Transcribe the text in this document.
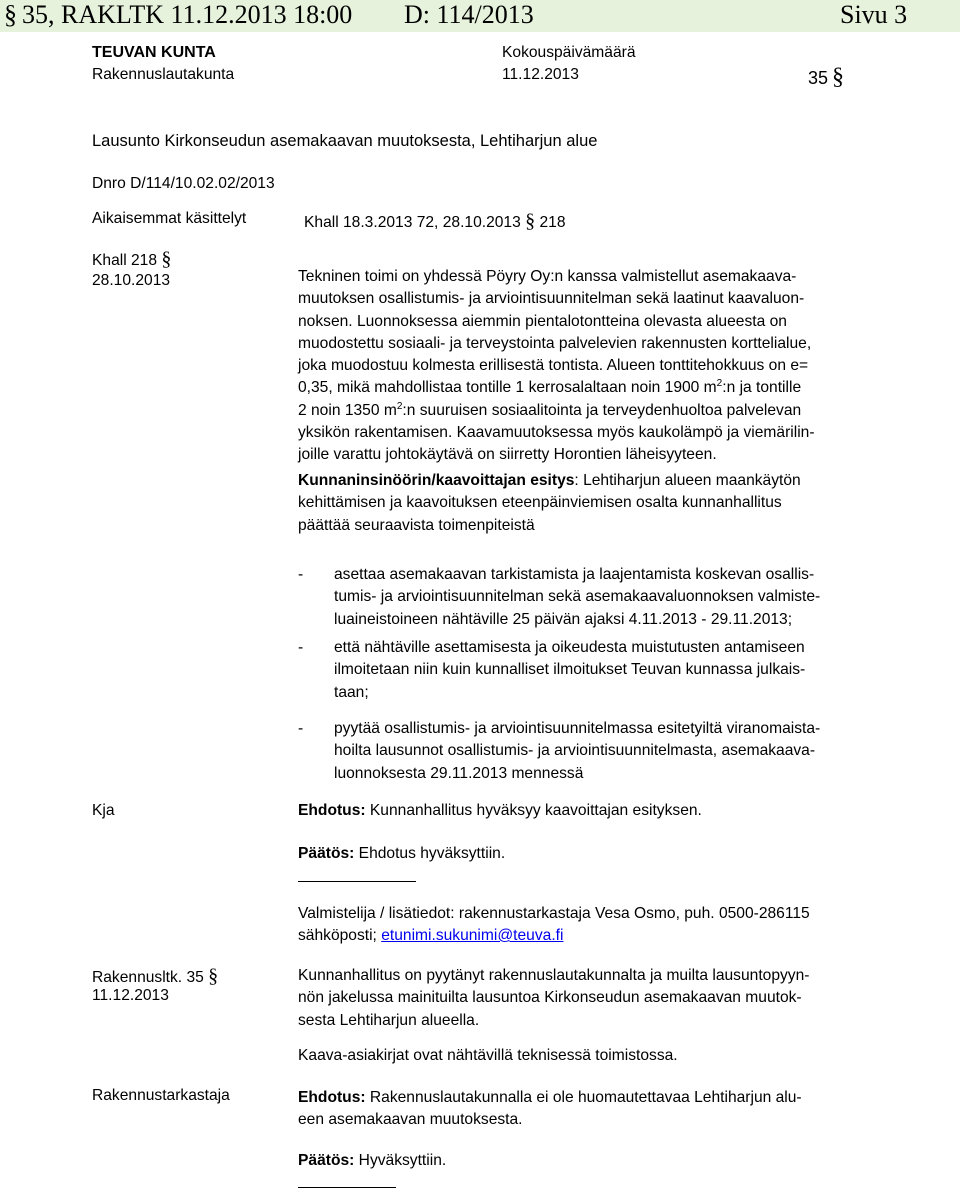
§ 35, RAKLTK 11.12.2013 18:00 D: 114/2013	Sivu 3
TEUVAN KUNTA
Rakennuslautakunta
Kokouspäivämäärä
11.12.2013	35 §
Lausunto Kirkonseudun asemakaavan muutoksesta, Lehtiharjun alue
Dnro D/114/10.02.02/2013
Aikaisemmat käsittelyt	Khall 18.3.2013 72, 28.10.2013 § 218
Khall 218 §
28.10.2013	Tekninen toimi on yhdessä Pöyry Oy:n kanssa valmistellut asemakaava-
muutoksen osallistumis- ja arviointisuunnitelman sekä laatinut kaavaluon-
noksen. Luonnoksessa aiemmin pientalotontteina olevasta alueesta on
muodostettu sosiaali- ja terveystointa palvelevien rakennusten korttelialue,
joka muodostuu kolmesta erillisestä tontista. Alueen tonttitehokkuus on e=
0,35, mikä mahdollistaa tontille 1 kerrosalaltaan noin 1900 $m^2:n$ ja tontille
2 noin 1350 $m^2:n$ suuruisen sosiaalitointa ja terveydenhuoltoa palvelevan
yksikön rakentamisen. Kaavamuutoksessa myös kaukolämpö ja viemärilin-
joille varattu johtokäytävä on siirretty Horontien läheisyyteen.
Kunnaninsinöörin/kaavoittajan esitys: Lehtiharjun alueen maankäytön
kehittämisen ja kaavoituksen eteenpäinviemisen osalta kunnanhallitus
päättää seuraavista toimenpiteistä
- asettaa asemakaavan tarkistamista ja laajentamista koskevan osallis-
tumis- ja arviointisuunnitelman sekä asemakaavaluonnoksen valmiste-
luaineistoineen nähtäville 25 päivän ajaksi 4.11.2013 - 29.11.2013;
- että nähtäville asettamisesta ja oikeudesta muistutusten antamiseen
ilmoitetaan niin kuin kunnalliset ilmoitukset Teuvan kunnassa julkais-
taan;
- pyytää osallistumis- ja arviointisuunnitelmassa esitetyiltä viranomaista-
hoilta lausunnot osallistumis- ja arviointisuunnitelmasta, asemakaava-
luonnoksesta 29.11.2013 mennessä
Kja	Ehdotus: Kunnanhallitus hyväksyy kaavoittajan esityksen.
Päätös: Ehdotus hyväksyttiin.
Valmistelija / lisätiedot: rakennustarkastaja Vesa Osmo, puh. 0500-286115
sähköposti; etunimi.sukunimi@teuva.fi
Rakennusltk. 35 §
11.12.2013
Kunnanhallitus on pyytänyt rakennuslautakunnalta ja muilta lausuntopyyn-
nön jakelussa mainituilta lausuntoa Kirkonseudun asemakaavan muutok-
sesta Lehtiharjun alueella.
Kaava-asiakirjat ovat nähtävillä teknisessä toimistossa.
Rakennustarkastaja	Ehdotus: Rakennuslautakunnalla ei ole huomautettavaa Lehtiharjun alu-
een asemakaavan muutoksesta.
Päätös: Hyväksyttiin.
